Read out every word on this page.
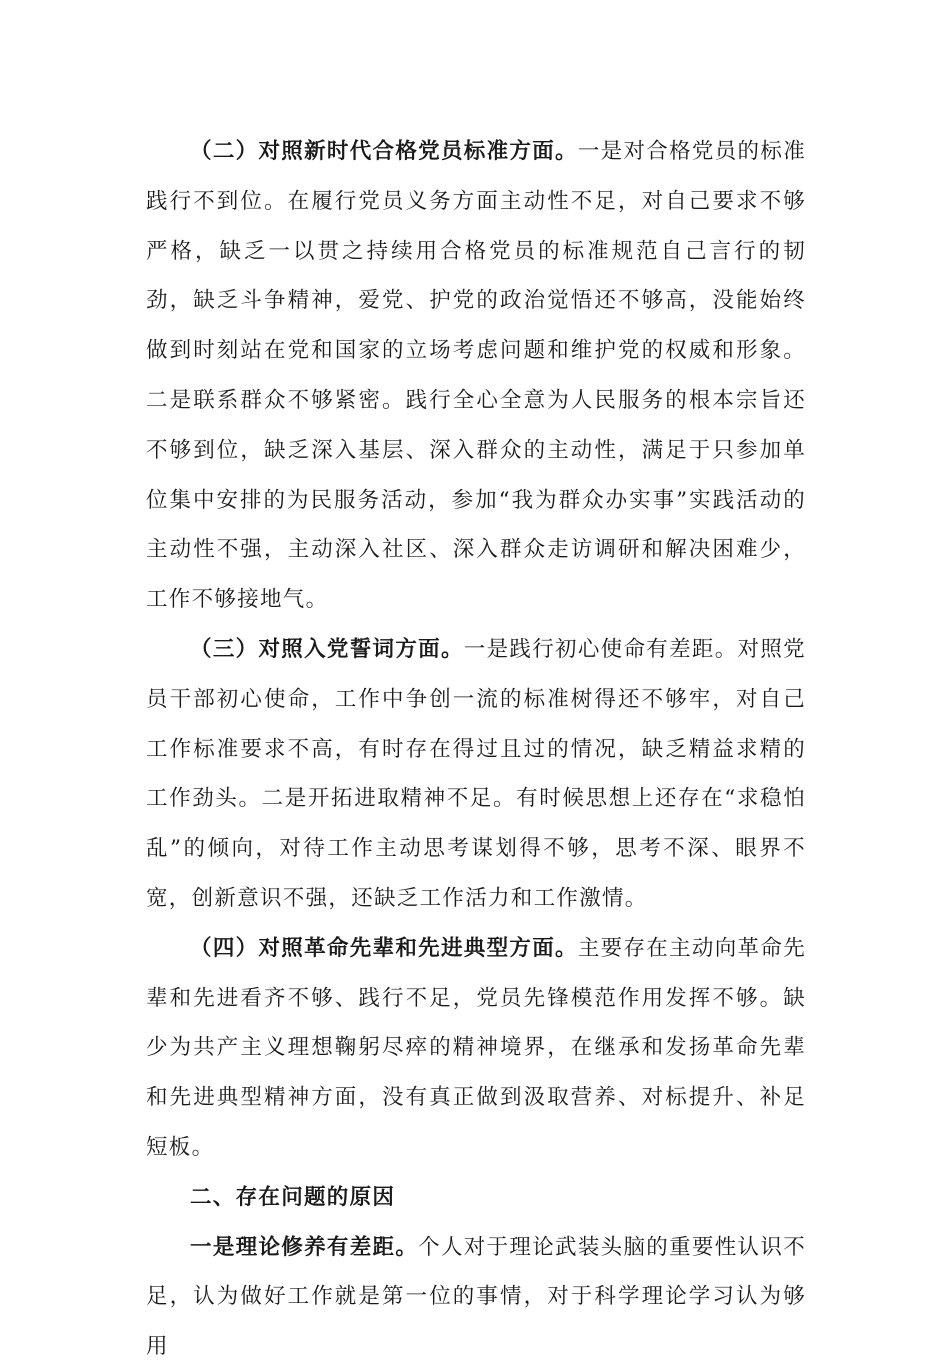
（二）对照新时代合格党员标准方面。一是对合格党员的标准践行不到位。在履行党员义务方面主动性不足，对自己要求不够严格，缺乏一以贯之持续用合格党员的标准规范自己言行的韧劲，缺乏斗争精神，爱党、护党的政治觉悟还不够高，没能始终做到时刻站在党和国家的立场考虑问题和维护党的权威和形象。二是联系群众不够紧密。践行全心全意为人民服务的根本宗旨还不够到位，缺乏深入基层、深入群众的主动性，满足于只参加单位集中安排的为民服务活动，参加“我为群众办实事”实践活动的主动性不强，主动深入社区、深入群众走访调研和解决困难少，工作不够接地气。

（三）对照入党誓词方面。一是践行初心使命有差距。对照党员干部初心使命，工作中争创一流的标准树得还不够牢，对自己工作标准要求不高，有时存在得过且过的情况，缺乏精益求精的工作劲头。二是开拓进取精神不足。有时候思想上还存在“求稳怕乱”的倾向，对待工作主动思考谋划得不够，思考不深、眼界不宽，创新意识不强，还缺乏工作活力和工作激情。

（四）对照革命先辈和先进典型方面。主要存在主动向革命先辈和先进看齐不够、践行不足，党员先锋模范作用发挥不够。缺少为共产主义理想鞠躬尽瘁的精神境界，在继承和发扬革命先辈和先进典型精神方面，没有真正做到汲取营养、对标提升、补足短板。

二、存在问题的原因

一是理论修养有差距。个人对于理论武装头脑的重要性认识不足，认为做好工作就是第一位的事情，对于科学理论学习认为够用
